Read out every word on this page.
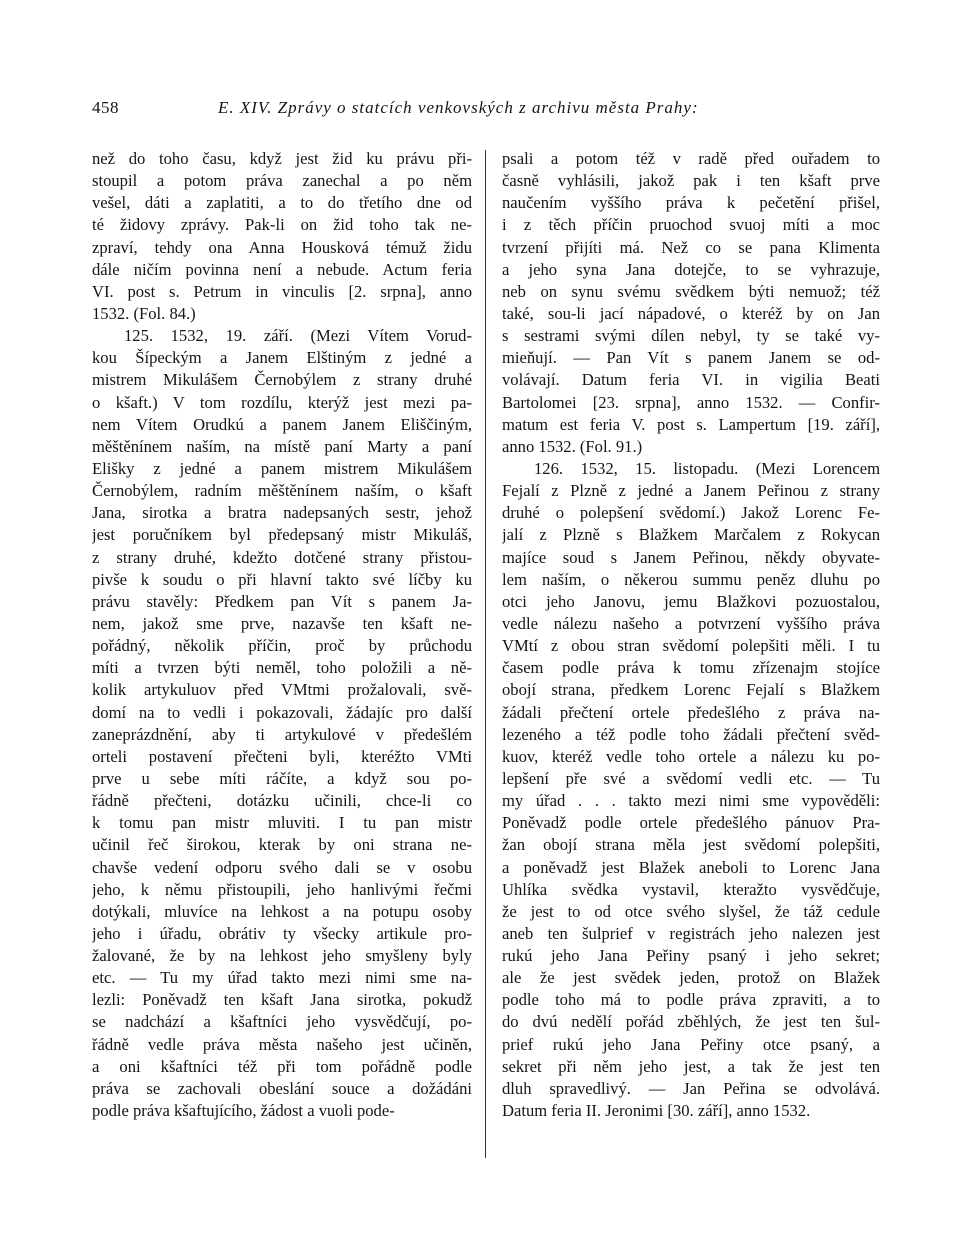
458	E. XIV. Zprávy o statcích venkovských z archivu města Prahy:
než do toho času, když jest žid ku právu při-
stoupil a potom práva zanechal a po něm
vešel, dáti a zaplatiti, a to do třetího dne od
té židovy zprávy. Pak-li on žid toho tak ne-
zpraví, tehdy ona Anna Housková témuž židu
dále ničím povinna není a nebude. Actum feria
VI. post s. Petrum in vinculis [2. srpna], anno
1532. (Fol. 84.)
125. 1532, 19. září. (Mezi Vítem Vorud-
kou Šípeckým a Janem Elštiným z jedné a
mistrem Mikulášem Černobýlem z strany druhé
o kšaft.) V tom rozdílu, kterýž jest mezi pa-
nem Vítem Orudkú a panem Janem Eliščiným,
měštěnínem naším, na místě paní Marty a paní
Elišky z jedné a panem mistrem Mikulášem
Černobýlem, radním měštěnínem naším, o kšaft
Jana, sirotka a bratra nadepsaných sestr, jehož
jest poručníkem byl předepsaný mistr Mikuláš,
z strany druhé, kdežto dotčené strany přistou-
pivše k soudu o při hlavní takto své líčby ku
právu stavěly: Předkem pan Vít s panem Ja-
nem, jakož sme prve, nazavše ten kšaft ne-
pořádný, několik příčin, proč by průchodu
míti a tvrzen býti neměl, toho položili a ně-
kolik artykuluov před VMtmi prožalovali, svě-
domí na to vedli i pokazovali, žádajíc pro další
zaneprázdnění, aby ti artykulové v předešlém
orteli postavení přečteni byli, kteréžto VMti
prve u sebe míti ráčíte, a když sou po-
řádně přečteni, dotázku učinili, chce-li co
k tomu pan mistr mluviti. I tu pan mistr
učinil řeč širokou, kterak by oni strana ne-
chavše vedení odporu svého dali se v osobu
jeho, k němu přistoupili, jeho hanlivými řečmi
dotýkali, mluvíce na lehkost a na potupu osoby
jeho i úřadu, obrátiv ty všecky artikule pro-
žalované, že by na lehkost jeho smyšleny byly
etc. — Tu my úřad takto mezi nimi sme na-
lezli: Poněvadž ten kšaft Jana sirotka, pokudž
se nadchází a kšaftníci jeho vysvědčují, po-
řádně vedle práva města našeho jest učiněn,
a oni kšaftníci též při tom pořádně podle
práva se zachovali obeslání souce a dožádáni
podle práva kšaftujícího, žádost a vuoli pode-
psali a potom též v radě před ouřadem to
časně vyhlásili, jakož pak i ten kšaft prve
naučením vyššího práva k pečetění přišel,
i z těch příčin pruochod svuoj míti a moc
tvrzení přijíti má. Než co se pana Klimenta
a jeho syna Jana dotejče, to se vyhrazuje,
neb on synu svému svědkem býti nemuož; též
také, sou-li jací nápadové, o kteréž by on Jan
s sestrami svými dílen nebyl, ty se také vy-
mieňují. — Pan Vít s panem Janem se od-
volávají. Datum feria VI. in vigilia Beati
Bartolomei [23. srpna], anno 1532. — Confir-
matum est feria V. post s. Lampertum [19. září],
anno 1532. (Fol. 91.)
126. 1532, 15. listopadu. (Mezi Lorencem
Fejalí z Plzně z jedné a Janem Peřinou z strany
druhé o polepšení svědomí.) Jakož Lorenc Fe-
jalí z Plzně s Blažkem Marčalem z Rokycan
majíce soud s Janem Peřinou, někdy obyvate-
lem naším, o někerou summu peněz dluhu po
otci jeho Janovu, jemu Blažkovi pozuostalou,
vedle nálezu našeho a potvrzení vyššího práva
VMtí z obou stran svědomí polepšiti měli. I tu
časem podle práva k tomu zřízenajm stojíce
obojí strana, předkem Lorenc Fejalí s Blažkem
žádali přečtení ortele předešlého z práva na-
lezeného a též podle toho žádali přečtení svěd-
kuov, kteréž vedle toho ortele a nálezu ku po-
lepšení pře své a svědomí vedli etc. — Tu
my úřad . . . takto mezi nimi sme vypověděli:
Poněvadž podle ortele předešlého pánuov Pra-
žan obojí strana měla jest svědomí polepšiti,
a poněvadž jest Blažek aneboli to Lorenc Jana
Uhlíka svědka vystavil, kteražto vysvědčuje,
že jest to od otce svého slyšel, že táž cedule
aneb ten šulprief v registrách jeho nalezen jest
rukú jeho Jana Peřiny psaný i jeho sekret;
ale že jest svědek jeden, protož on Blažek
podle toho má to podle práva zpraviti, a to
do dvú nedělí pořád zběhlých, že jest ten šul-
prief rukú jeho Jana Peřiny otce psaný, a
sekret při něm jeho jest, a tak že jest ten
dluh spravedlivý. — Jan Peřina se odvolává.
Datum feria II. Jeronimi [30. září], anno 1532.
